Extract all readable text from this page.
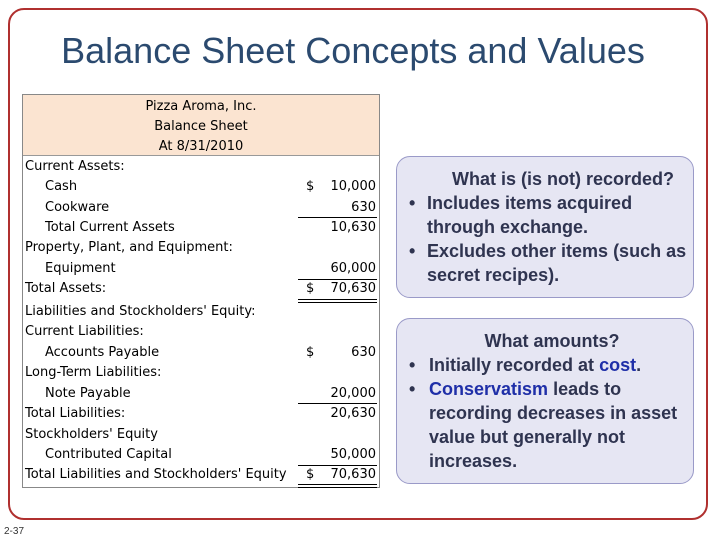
Balance Sheet Concepts and Values
Pizza Aroma, Inc.
Balance Sheet
At 8/31/2010
Current Assets:
Cash	$	10,000
Cookware	630
Total Current Assets	10,630
Property, Plant, and Equipment:
Equipment	60,000
Total Assets:	$	70,630
Liabilities and Stockholders' Equity:
Current Liabilities:
Accounts Payable	$	630
Long-Term Liabilities:
Note Payable	20,000
Total Liabilities:	20,630
Stockholders' Equity
Contributed Capital	50,000
Total Liabilities and Stockholders' Equity $	70,630
What is (is not) recorded?
• Includes items acquired through exchange.
• Excludes other items (such as secret recipes).
What amounts?
• Initially recorded at cost.
• Conservatism leads to recording decreases in asset value but generally not increases.
2-37
